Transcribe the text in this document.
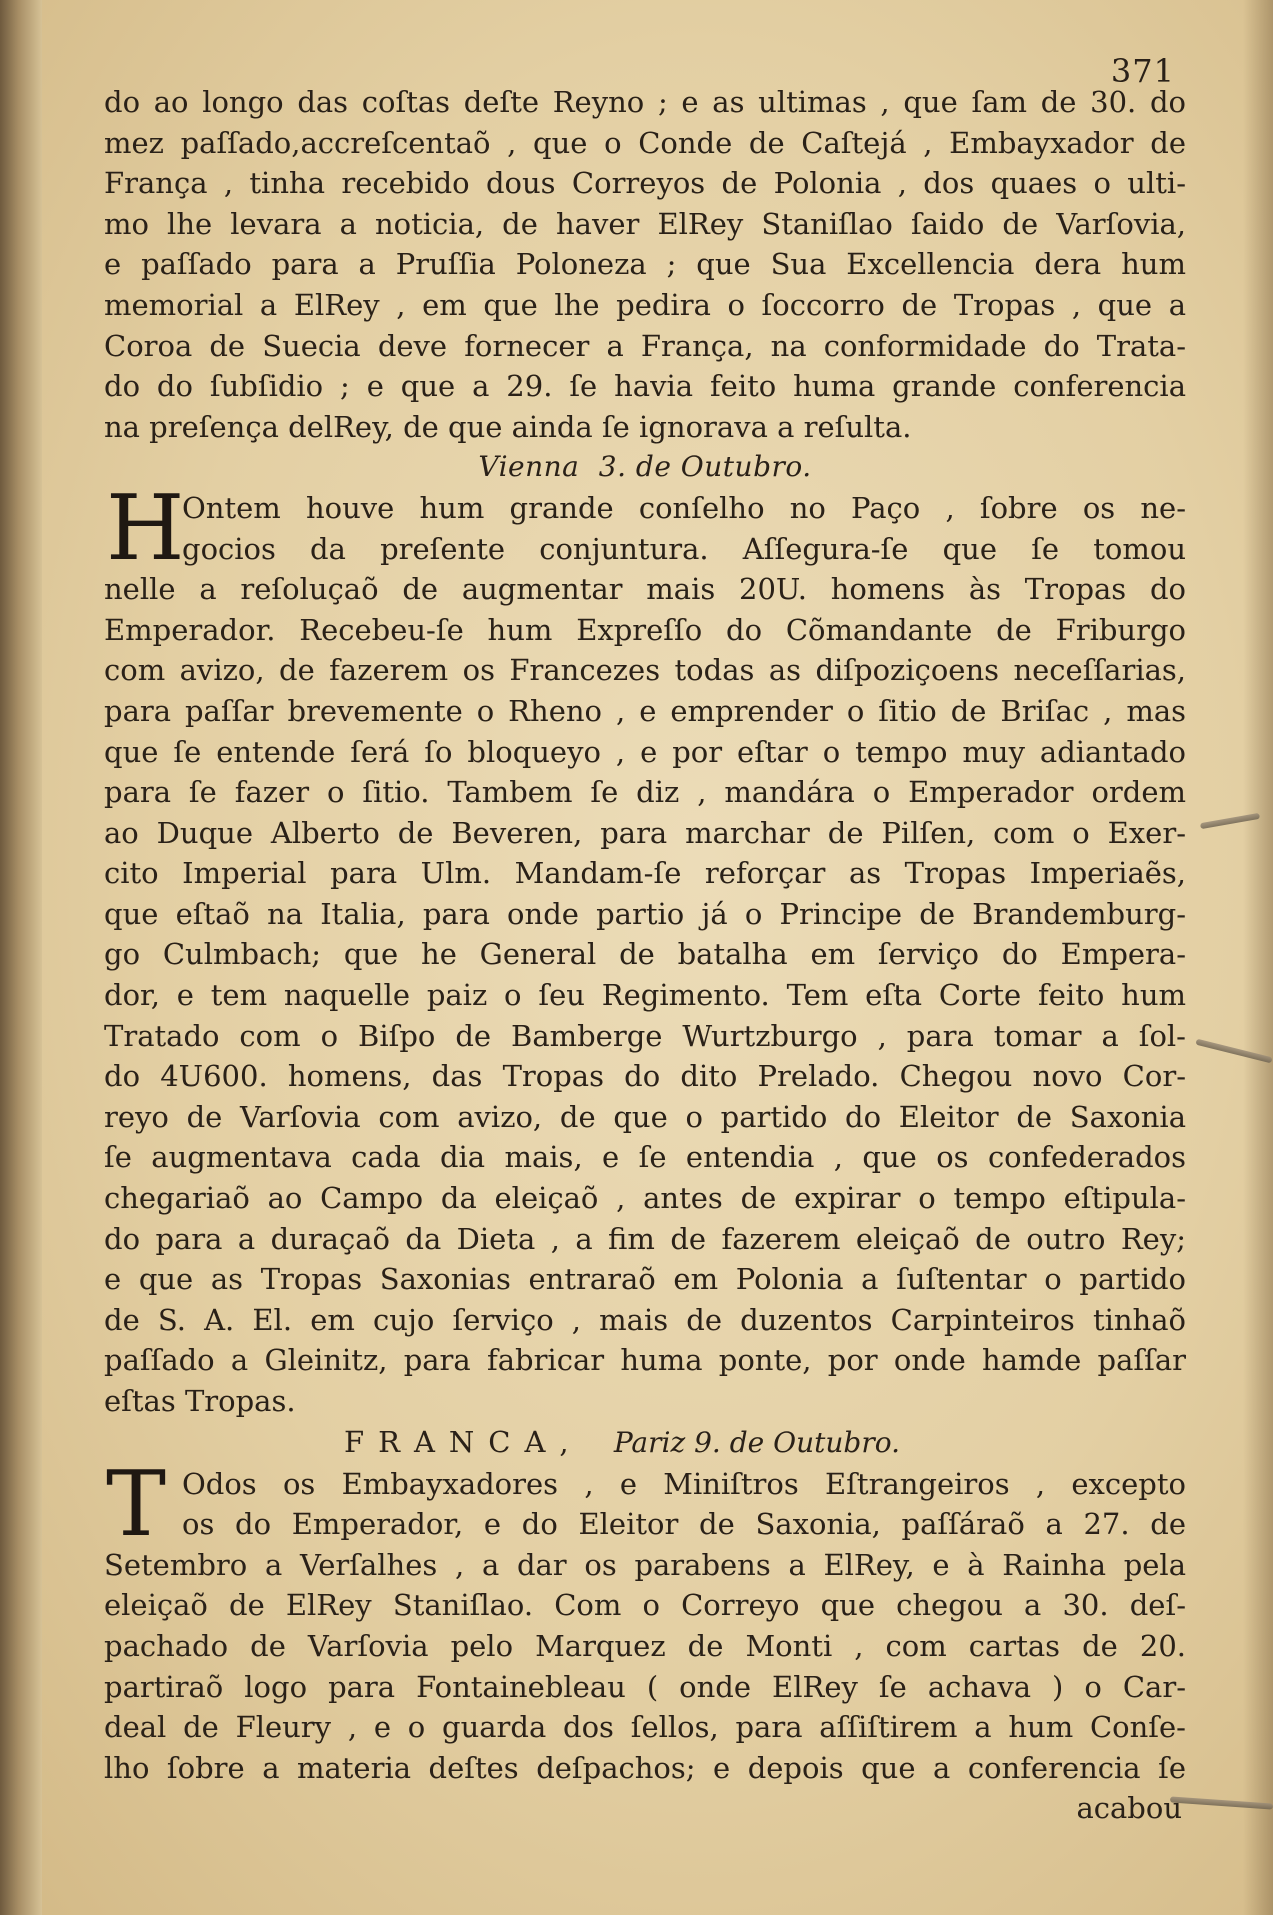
371
do ao longo das coſtas deſte Reyno ; e as ultimas , que ſam de 30. do
mez paſſado,accreſcentaõ , que o Conde de Caſtejá , Embayxador de
França , tinha recebido dous Correyos de Polonia , dos quaes o ulti-
mo lhe levara a noticia, de haver ElRey Staniſlao ſaido de Varſovia,
e paſſado para a Pruſſia Poloneza ; que Sua Excellencia dera hum
memorial a ElRey , em que lhe pedira o ſoccorro de Tropas , que a
Coroa de Suecia deve fornecer a França, na conformidade do Trata-
do do ſubſidio ; e que a 29. ſe havia feito huma grande conferencia
na preſença delRey, de que ainda ſe ignorava a reſulta.
Vienna 3. de Outubro.
H
Ontem houve hum grande conſelho no Paço , ſobre os ne-
gocios da preſente conjuntura. Aſſegura-ſe que ſe tomou
nelle a reſoluçaõ de augmentar mais 20U. homens às Tropas do
Emperador. Recebeu-ſe hum Expreſſo do Cõmandante de Friburgo
com avizo, de fazerem os Francezes todas as diſpoziçoens neceſſarias,
para paſſar brevemente o Rheno , e emprender o ſitio de Briſac , mas
que ſe entende ſerá ſo bloqueyo , e por eſtar o tempo muy adiantado
para ſe fazer o ſitio. Tambem ſe diz , mandára o Emperador ordem
ao Duque Alberto de Beveren, para marchar de Pilſen, com o Exer-
cito Imperial para Ulm. Mandam-ſe reforçar as Tropas Imperiaẽs,
que eſtaõ na Italia, para onde partio já o Principe de Brandemburg-
go Culmbach; que he General de batalha em ſerviço do Empera-
dor, e tem naquelle paiz o ſeu Regimento. Tem eſta Corte feito hum
Tratado com o Biſpo de Bamberge Wurtzburgo , para tomar a ſol-
do 4U600. homens, das Tropas do dito Prelado. Chegou novo Cor-
reyo de Varſovia com avizo, de que o partido do Eleitor de Saxonia
ſe augmentava cada dia mais, e ſe entendia , que os confederados
chegariaõ ao Campo da eleiçaõ , antes de expirar o tempo eſtipula-
do para a duraçaõ da Dieta , a fim de fazerem eleiçaõ de outro Rey;
e que as Tropas Saxonias entraraõ em Polonia a ſuſtentar o partido
de S. A. El. em cujo ſerviço , mais de duzentos Carpinteiros tinhaõ
paſſado a Gleinitz, para fabricar huma ponte, por onde hamde paſſar
eſtas Tropas.
FRANCA, Pariz 9. de Outubro.
T Odos os Embayxadores , e Miniſtros Eſtrangeiros , excepto
os do Emperador, e do Eleitor de Saxonia, paſſáraõ a 27. de
Setembro a Verſalhes , a dar os parabens a ElRey, e à Rainha pela
eleiçaõ de ElRey Staniſlao. Com o Correyo que chegou a 30. deſ-
pachado de Varſovia pelo Marquez de Monti , com cartas de 20.
partiraõ logo para Fontainebleau ( onde ElRey ſe achava ) o Car-
deal de Fleury , e o guarda dos ſellos, para aſſiſtirem a hum Conſe-
lho ſobre a materia deſtes deſpachos; e depois que a conferencia ſe
acabou
